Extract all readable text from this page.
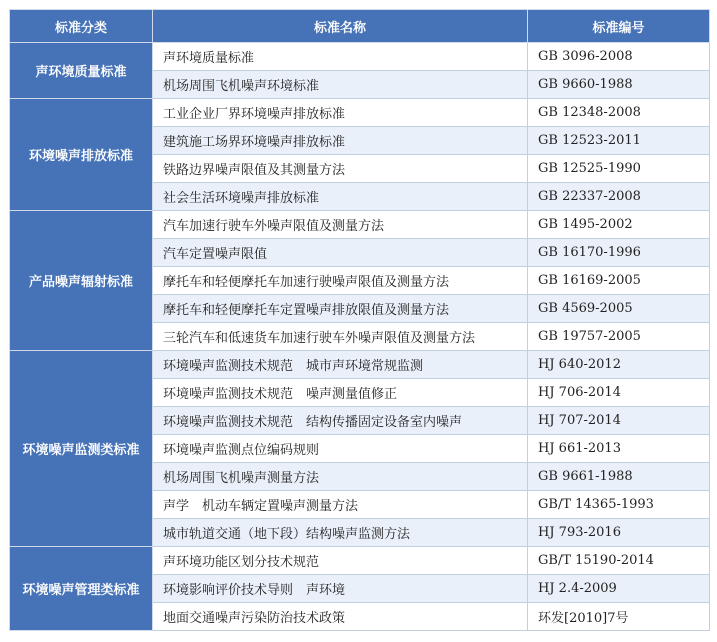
标准分类	标准名称	标准编号
声环境质量标准	声环境质量标准	GB 3096-2008
	机场周围飞机噪声环境标准	GB 9660-1988
环境噪声排放标准	工业企业厂界环境噪声排放标准	GB 12348-2008
	建筑施工场界环境噪声排放标准	GB 12523-2011
	铁路边界噪声限值及其测量方法	GB 12525-1990
	社会生活环境噪声排放标准	GB 22337-2008
产品噪声辐射标准	汽车加速行驶车外噪声限值及测量方法	GB 1495-2002
	汽车定置噪声限值	GB 16170-1996
	摩托车和轻便摩托车加速行驶噪声限值及测量方法	GB 16169-2005
	摩托车和轻便摩托车定置噪声排放限值及测量方法	GB 4569-2005
	三轮汽车和低速货车加速行驶车外噪声限值及测量方法	GB 19757-2005
环境噪声监测类标准	环境噪声监测技术规范　城市声环境常规监测	HJ 640-2012
	环境噪声监测技术规范　噪声测量值修正	HJ 706-2014
	环境噪声监测技术规范　结构传播固定设备室内噪声	HJ 707-2014
	环境噪声监测点位编码规则	HJ 661-2013
	机场周围飞机噪声测量方法	GB 9661-1988
	声学　机动车辆定置噪声测量方法	GB/T 14365-1993
	城市轨道交通（地下段）结构噪声监测方法	HJ 793-2016
环境噪声管理类标准	声环境功能区划分技术规范	GB/T 15190-2014
	环境影响评价技术导则　声环境	HJ 2.4-2009
	地面交通噪声污染防治技术政策	环发[2010]7号
